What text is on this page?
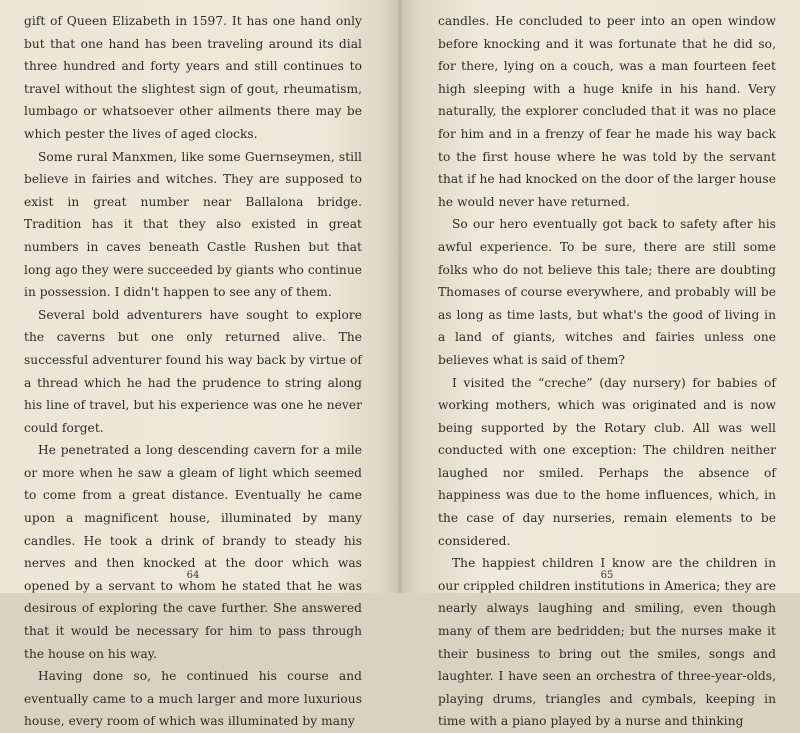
gift of Queen Elizabeth in 1597. It has one hand only but that one hand has been traveling around its dial three hundred and forty years and still continues to travel without the slightest sign of gout, rheumatism, lumbago or whatsoever other ailments there may be which pester the lives of aged clocks.

Some rural Manxmen, like some Guernseymen, still believe in fairies and witches. They are supposed to exist in great number near Ballalona bridge. Tradition has it that they also existed in great numbers in caves beneath Castle Rushen but that long ago they were succeeded by giants who continue in possession. I didn't happen to see any of them.

Several bold adventurers have sought to explore the caverns but one only returned alive. The successful adventurer found his way back by virtue of a thread which he had the prudence to string along his line of travel, but his experience was one he never could forget.

He penetrated a long descending cavern for a mile or more when he saw a gleam of light which seemed to come from a great distance. Eventually he came upon a magnificent house, illuminated by many candles. He took a drink of brandy to steady his nerves and then knocked at the door which was opened by a servant to whom he stated that he was desirous of exploring the cave further. She answered that it would be necessary for him to pass through the house on his way.

Having done so, he continued his course and eventually came to a much larger and more luxurious house, every room of which was illuminated by many

64

candles. He concluded to peer into an open window before knocking and it was fortunate that he did so, for there, lying on a couch, was a man fourteen feet high sleeping with a huge knife in his hand. Very naturally, the explorer concluded that it was no place for him and in a frenzy of fear he made his way back to the first house where he was told by the servant that if he had knocked on the door of the larger house he would never have returned.

So our hero eventually got back to safety after his awful experience. To be sure, there are still some folks who do not believe this tale; there are doubting Thomases of course everywhere, and probably will be as long as time lasts, but what's the good of living in a land of giants, witches and fairies unless one believes what is said of them?

I visited the “creche” (day nursery) for babies of working mothers, which was originated and is now being supported by the Rotary club. All was well conducted with one exception: The children neither laughed nor smiled. Perhaps the absence of happiness was due to the home influences, which, in the case of day nurseries, remain elements to be considered.

The happiest children I know are the children in our crippled children institutions in America; they are nearly always laughing and smiling, even though many of them are bedridden; but the nurses make it their business to bring out the smiles, songs and laughter. I have seen an orchestra of three-year-olds, playing drums, triangles and cymbals, keeping in time with a piano played by a nurse and thinking

65
